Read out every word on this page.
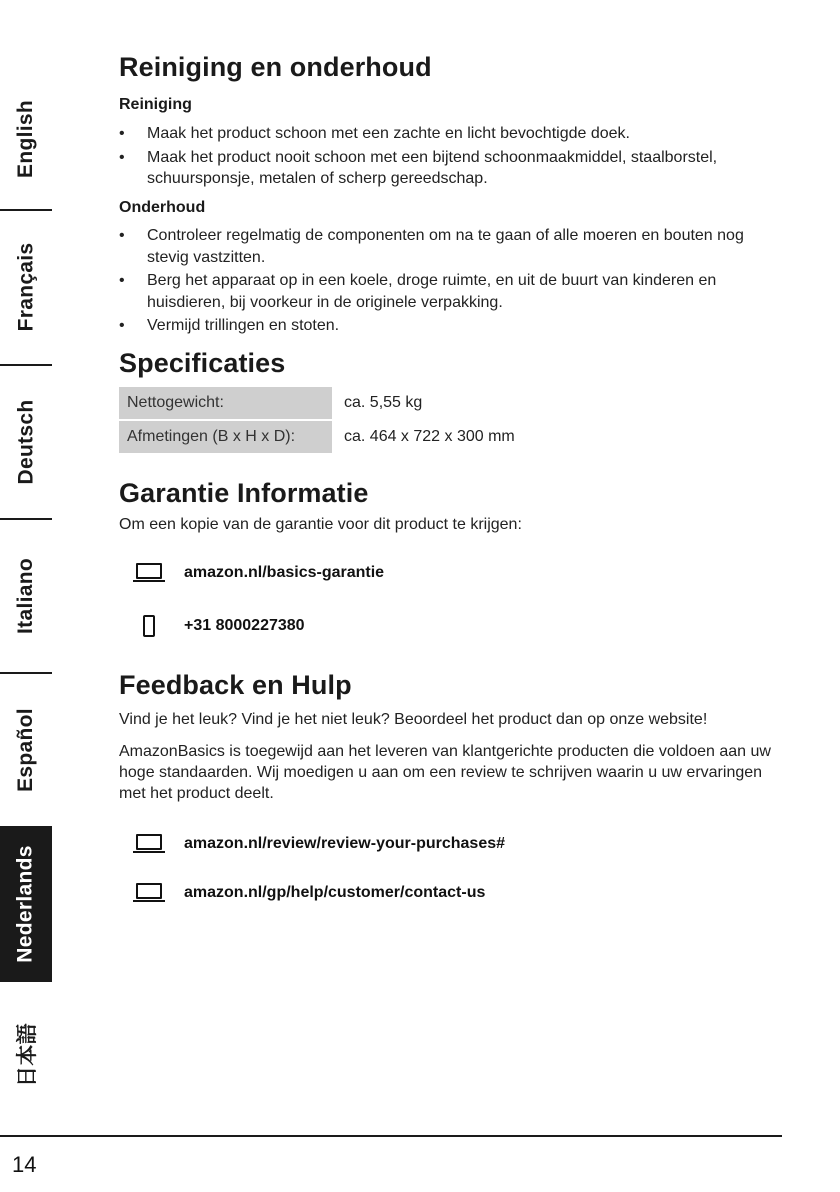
English
Français
Deutsch
Italiano
Español
Nederlands
日本語
Reiniging en onderhoud
Reiniging
• Maak het product schoon met een zachte en licht bevochtigde doek.
• Maak het product nooit schoon met een bijtend schoonmaakmiddel, staalborstel, schuursponsje, metalen of scherp gereedschap.
Onderhoud
• Controleer regelmatig de componenten om na te gaan of alle moeren en bouten nog stevig vastzitten.
• Berg het apparaat op in een koele, droge ruimte, en uit de buurt van kinderen en huisdieren, bij voorkeur in de originele verpakking.
• Vermijd trillingen en stoten.
Specificaties
Nettogewicht:	ca. 5,55 kg
Afmetingen (B x H x D):	ca. 464 x 722 x 300 mm
Garantie Informatie

Om een kopie van de garantie voor dit product te krijgen:

amazon.nl/basics-garantie
+31 8000227380
Feedback en Hulp

Vind je het leuk? Vind je het niet leuk? Beoordeel het product dan op onze website!

AmazonBasics is toegewijd aan het leveren van klantgerichte producten die voldoen aan uw hoge standaarden. Wij moedigen u aan om een review te schrijven waarin u uw ervaringen met het product deelt.

amazon.nl/review/review-your-purchases#
amazon.nl/gp/help/customer/contact-us
14
